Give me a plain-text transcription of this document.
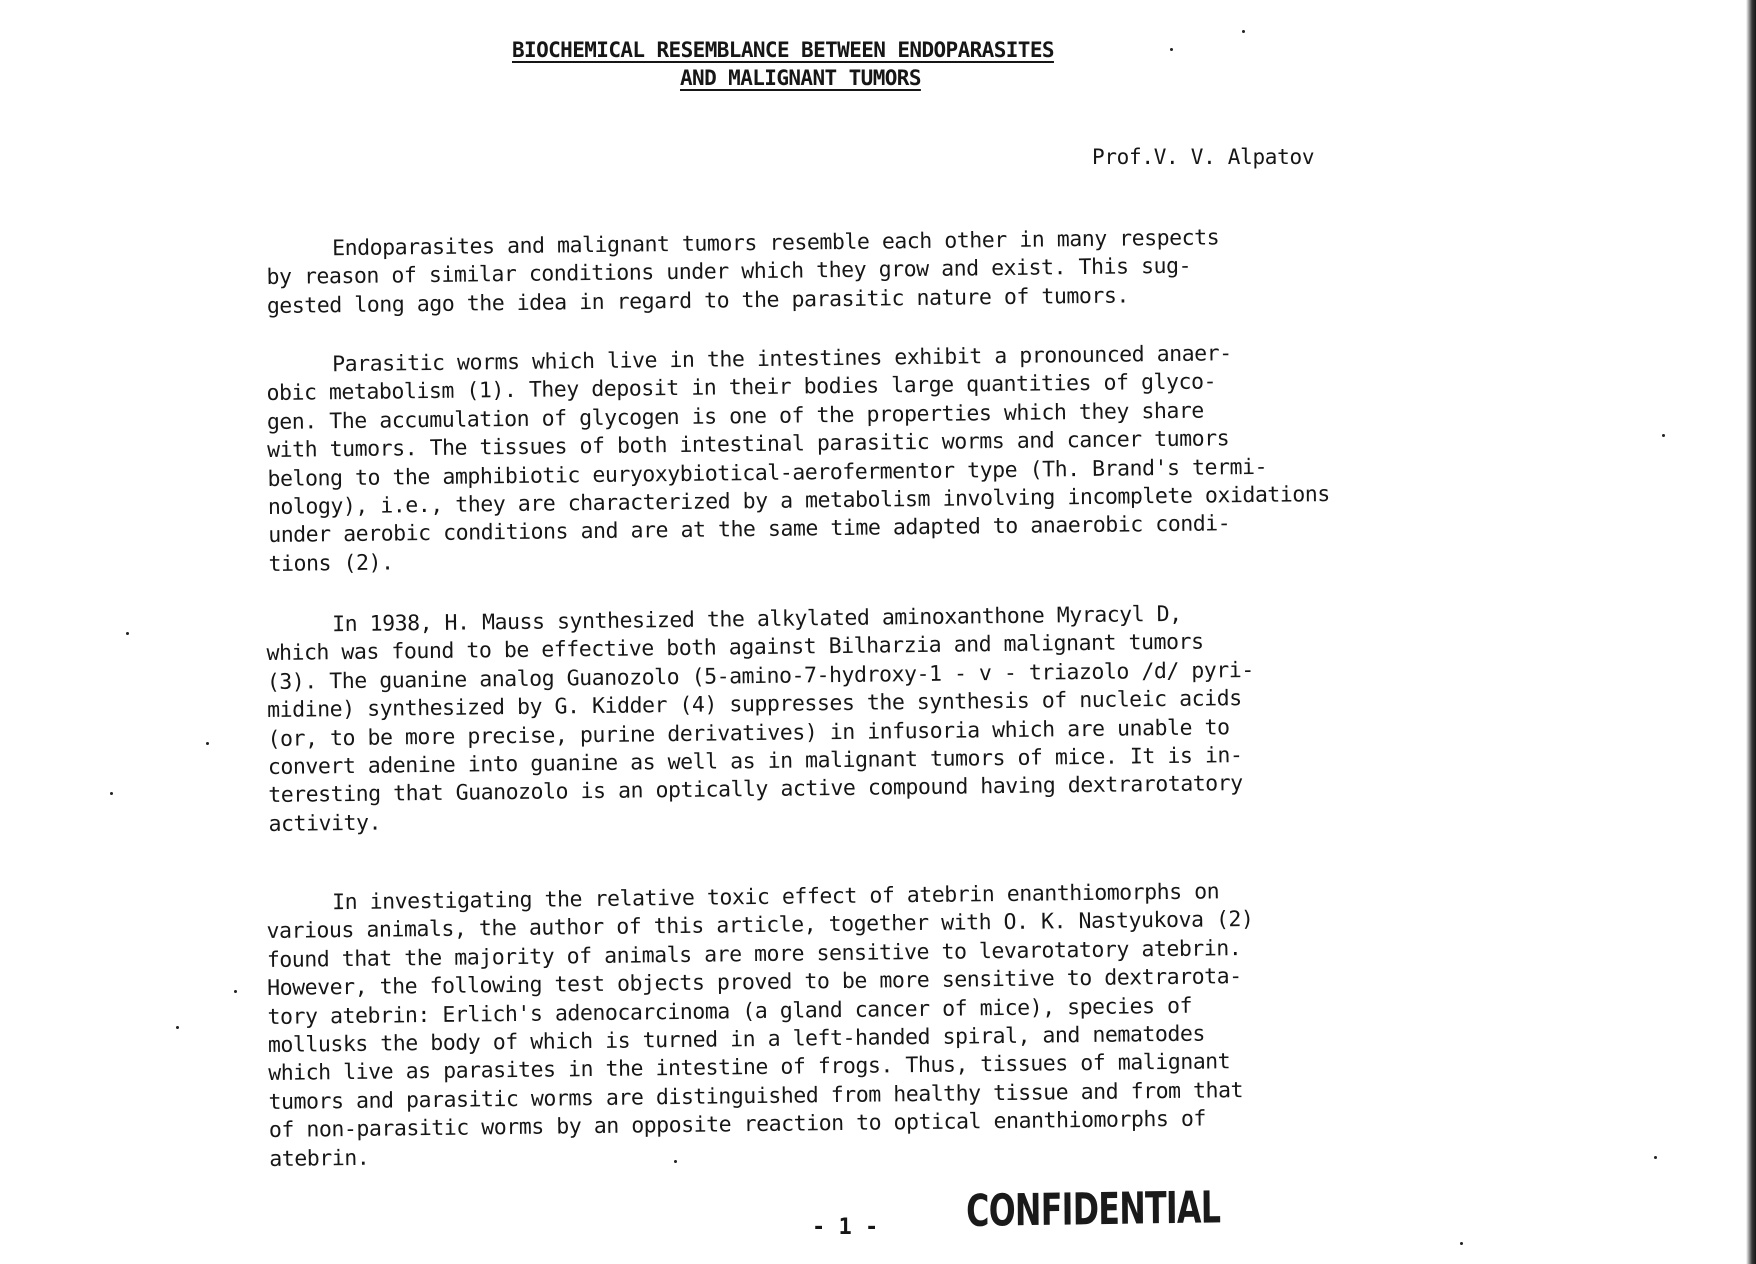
BIOCHEMICAL RESEMBLANCE BETWEEN ENDOPARASITES
AND MALIGNANT TUMORS
Prof.V. V. Alpatov
Endoparasites and malignant tumors resemble each other in many respects
by reason of similar conditions under which they grow and exist. This sug-
gested long ago the idea in regard to the parasitic nature of tumors.
Parasitic worms which live in the intestines exhibit a pronounced anaer-
obic metabolism (1). They deposit in their bodies large quantities of glyco-
gen. The accumulation of glycogen is one of the properties which they share
with tumors. The tissues of both intestinal parasitic worms and cancer tumors
belong to the amphibiotic euryoxybiotical-aerofermentor type (Th. Brand's termi-
nology), i.e., they are characterized by a metabolism involving incomplete oxidations
under aerobic conditions and are at the same time adapted to anaerobic condi-
tions (2).
In 1938, H. Mauss synthesized the alkylated aminoxanthone Myracyl D,
which was found to be effective both against Bilharzia and malignant tumors
(3). The guanine analog Guanozolo (5-amino-7-hydroxy-1 - v - triazolo /d/ pyri-
midine) synthesized by G. Kidder (4) suppresses the synthesis of nucleic acids
(or, to be more precise, purine derivatives) in infusoria which are unable to
convert adenine into guanine as well as in malignant tumors of mice. It is in-
teresting that Guanozolo is an optically active compound having dextrarotatory
activity.
In investigating the relative toxic effect of atebrin enanthiomorphs on
various animals, the author of this article, together with O. K. Nastyukova (2)
found that the majority of animals are more sensitive to levarotatory atebrin.
However, the following test objects proved to be more sensitive to dextrarota-
tory atebrin: Erlich's adenocarcinoma (a gland cancer of mice), species of
mollusks the body of which is turned in a left-handed spiral, and nematodes
which live as parasites in the intestine of frogs. Thus, tissues of malignant
tumors and parasitic worms are distinguished from healthy tissue and from that
of non-parasitic worms by an opposite reaction to optical enanthiomorphs of
atebrin.
- 1 - CONFIDENTIAL
